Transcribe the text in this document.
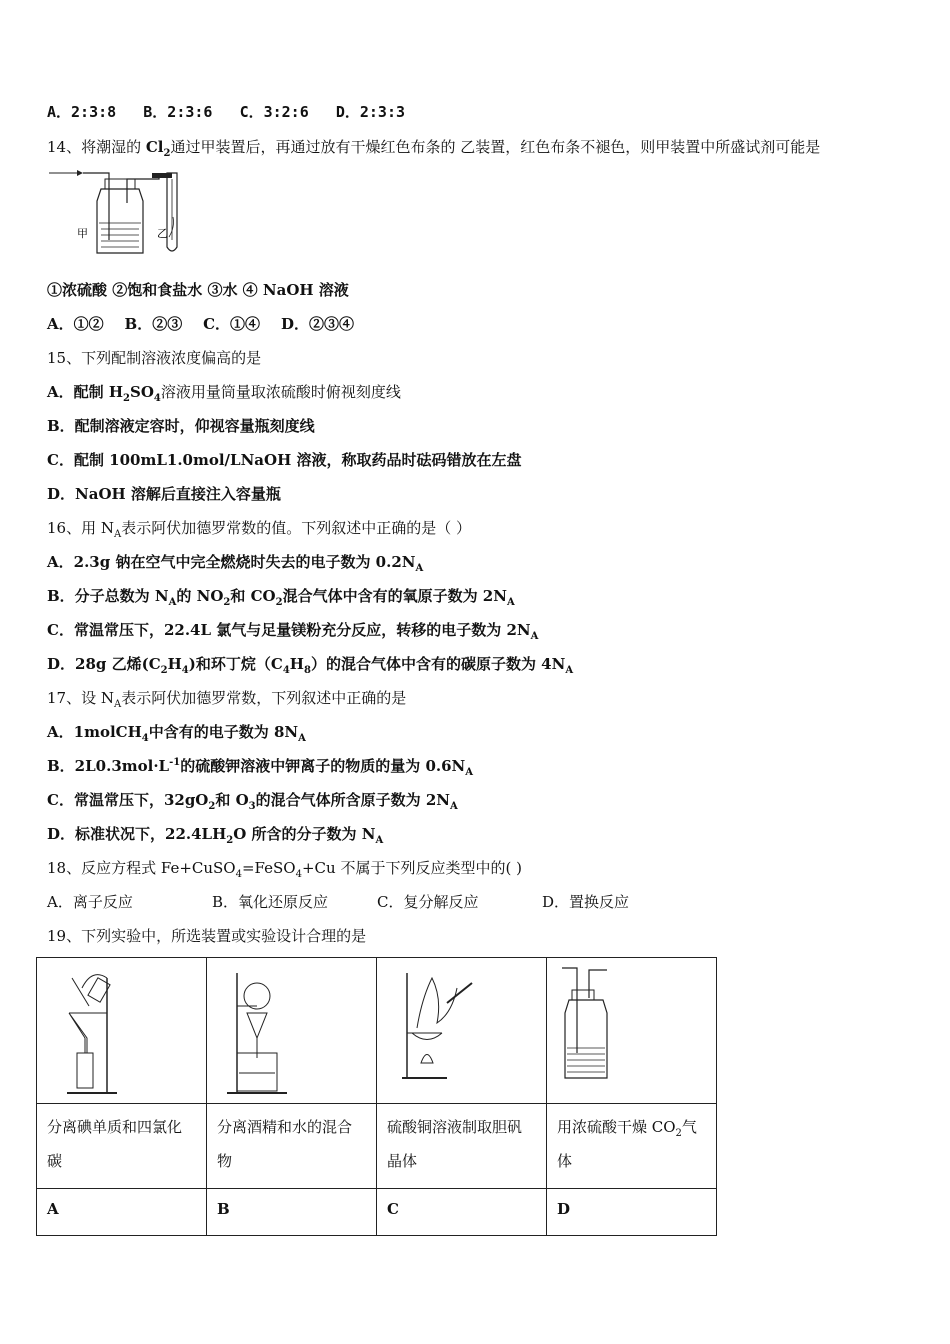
A．2:3:8 B．2:3:6 C．3:2:6 D．2:3:3
14、将潮湿的 $Cl_2$通过甲装置后，再通过放有干燥红色布条的 乙装置，红色布条不褪色，则甲装置中所盛试剂可能是
甲	乙
①浓硫酸 ②饱和食盐水 ③水 ④ NaOH 溶液
A．①② B．②③ C．①④ D．②③④
15、下列配制溶液浓度偏高的是
A．配制 $H_2SO_4$溶液用量筒量取浓硫酸时俯视刻度线
B．配制溶液定容时，仰视容量瓶刻度线
C．配制 100mL1.0mol/LNaOH 溶液，称取药品时砝码错放在左盘
D．NaOH 溶解后直接注入容量瓶
16、用 $N_A$表示阿伏加德罗常数的值。下列叙述中正确的是（ ）
A．2.3g 钠在空气中完全燃烧时失去的电子数为 $0.2N_A$
B．分子总数为 $N_A$的 $NO_2$和 $CO_2$混合气体中含有的氧原子数为 $2N_A$
C．常温常压下，22.4L 氯气与足量镁粉充分反应，转移的电子数为 $2N_A$
D．28g 乙烯$(C_2H_4)$和环丁烷$(C_4H_8)$的混合气体中含有的碳原子数为 $4N_A$
17、设 $N_A$表示阿伏加德罗常数，下列叙述中正确的是
A．1molCH$_4$中含有的电子数为 $8N_A$
B．$2L0.3mol\cdot L^{-1}$的硫酸钾溶液中钾离子的物质的量为 $0.6N_A$
C．常温常压下，$32gO_2$和 $O_3$的混合气体所含原子数为 $2N_A$
D．标准状况下，$22.4LH_2O$ 所含的分子数为 $N_A$
18、反应方程式 Fe+CuSO$_4$=FeSO$_4$+Cu 不属于下列反应类型中的( )
A．离子反应	B．氧化还原反应	C．复分解反应	D．置换反应
19、下列实验中，所选装置或实验设计合理的是

分离碘单质和四氯化碳	分离酒精和水的混合物	硫酸铜溶液制取胆矾晶体	用浓硫酸干燥 $CO_2$气体

A	B	C	D
